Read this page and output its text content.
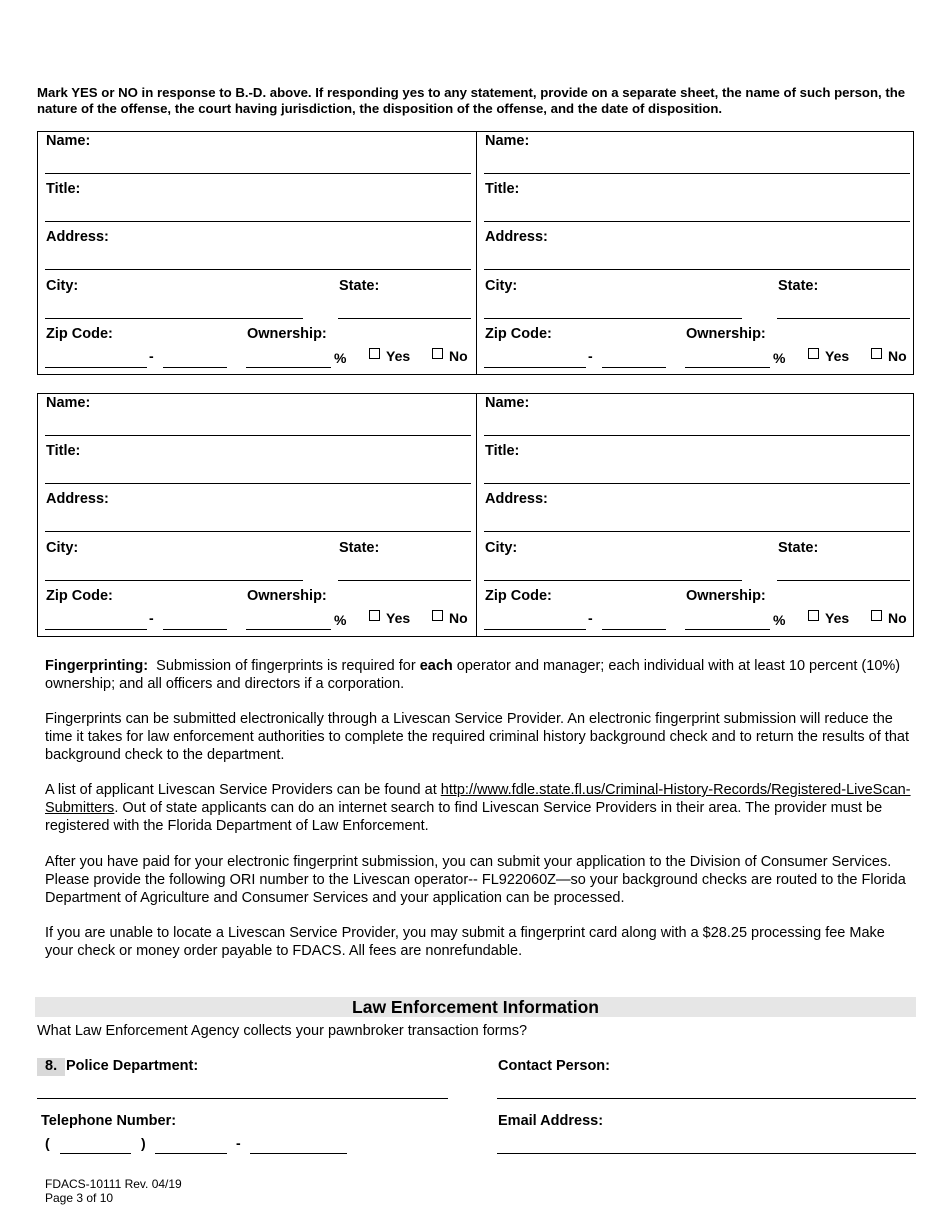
Mark YES or NO in response to B.-D. above. If responding yes to any statement, provide on a separate sheet, the name of such person, the nature of the offense, the court having jurisdiction, the disposition of the offense, and the date of disposition.
Name:
Title:
Address:
City:	State:
Zip Code:
-
Ownership:
%	Yes	No
Name:
Title:
Address:
City:	State:
Zip Code:
-
Ownership:
%	Yes	No
Name:
Title:
Address:
City:	State:
Zip Code:
-
Ownership:
%	Yes	No
Name:
Title:
Address:
City:	State:
Zip Code:
-
Ownership:
%	Yes	No
Fingerprinting: Submission of fingerprints is required for each operator and manager; each individual with at least 10 percent (10%) ownership; and all officers and directors if a corporation.
Fingerprints can be submitted electronically through a Livescan Service Provider. An electronic fingerprint submission will reduce the time it takes for law enforcement authorities to complete the required criminal history background check and to return the results of that background check to the department.
A list of applicant Livescan Service Providers can be found at http://www.fdle.state.fl.us/Criminal-History-Records/Registered-LiveScan-Submitters. Out of state applicants can do an internet search to find Livescan Service Providers in their area. The provider must be registered with the Florida Department of Law Enforcement.
After you have paid for your electronic fingerprint submission, you can submit your application to the Division of Consumer Services. Please provide the following ORI number to the Livescan operator-- FL922060Z—so your background checks are routed to the Florida Department of Agriculture and Consumer Services and your application can be processed.
If you are unable to locate a Livescan Service Provider, you may submit a fingerprint card along with a $28.25 processing fee Make your check or money order payable to FDACS. All fees are nonrefundable.
Law Enforcement Information
What Law Enforcement Agency collects your pawnbroker transaction forms?
8. Police Department:	Contact Person:
Telephone Number:
(	)	-
Email Address:
FDACS-10111 Rev. 04/19
Page 3 of 10
